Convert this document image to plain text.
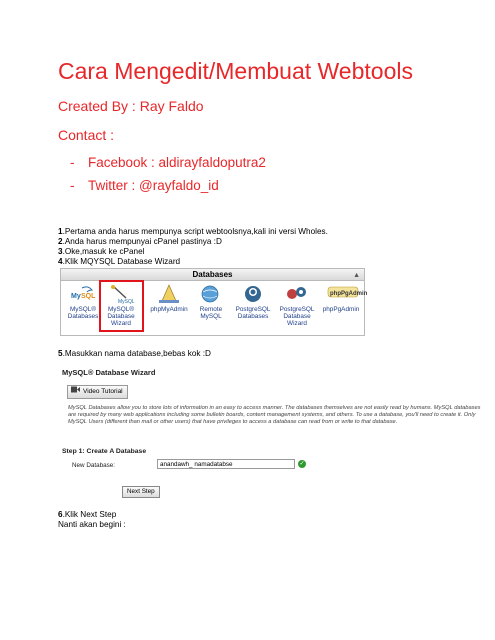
Cara Mengedit/Membuat Webtools
Created By : Ray Faldo
Contact :
- Facebook : aldirayfaldoputra2
- Twitter : @rayfaldo_id
1.Pertama anda harus mempunya script webtoolsnya,kali ini versi Wholes.
2.Anda harus mempunyai cPanel pastinya :D
3.Oke,masuk ke cPanel
4.Klik MQYSQL Database Wizard
Databases	▲
My SQL
MySQL®
Databases
MySQL
MySQL®
Database
Wizard
phpMyAdmin	Remote
MySQL
PostgreSQL
Databases
PostgreSQL
Database
Wizard
phpPgAdmin
phpPgAdmin
5.Masukkan nama database,bebas kok :D
MySQL® Database Wizard
Video Tutorial
MySQL Databases allow you to store lots of information in an easy to access manner. The databases themselves are not easily read by humans. MySQL databases are required by many web applications including some bulletin boards, content management systems, and others. To use a database, you'll need to create it. Only MySQL Users (different than mail or other users) that have privileges to access a database can read from or write to that database.
Step 1: Create A Database
New Database:	anandawh_ namadatabse	✓
Next Step
6.Klik Next Step
Nanti akan begini :
